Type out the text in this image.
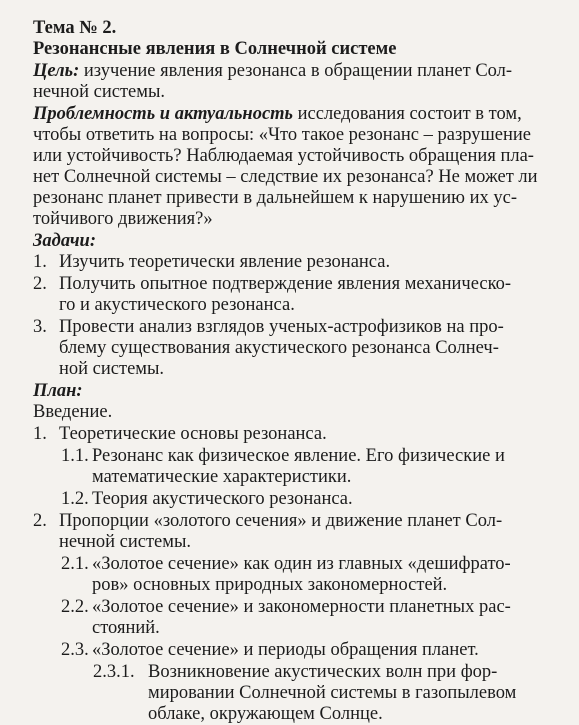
Тема № 2.
Резонансные явления в Солнечной системе
Цель: изучение явления резонанса в обращении планет Сол-
нечной системы.
Проблемность и актуальность исследования состоит в том,
чтобы ответить на вопросы: «Что такое резонанс – разрушение
или устойчивость? Наблюдаемая устойчивость обращения пла-
нет Солнечной системы – следствие их резонанса? Не может ли
резонанс планет привести в дальнейшем к нарушению их ус-
тойчивого движения?»
Задачи:
1. Изучить теоретически явление резонанса.
2. Получить опытное подтверждение явления механическо-
го и акустического резонанса.
3. Провести анализ взглядов ученых-астрофизиков на про-
блему существования акустического резонанса Солнеч-
ной системы.
План:
Введение.
1. Теоретические основы резонанса.
1.1. Резонанс как физическое явление. Его физические и
математические характеристики.
1.2. Теория акустического резонанса.
2. Пропорции «золотого сечения» и движение планет Сол-
нечной системы.
2.1. «Золотое сечение» как один из главных «дешифрато-
ров» основных природных закономерностей.
2.2. «Золотое сечение» и закономерности планетных рас-
стояний.
2.3. «Золотое сечение» и периоды обращения планет.
2.3.1. Возникновение акустических волн при фор-
мировании Солнечной системы в газопылевом
облаке, окружающем Солнце.
